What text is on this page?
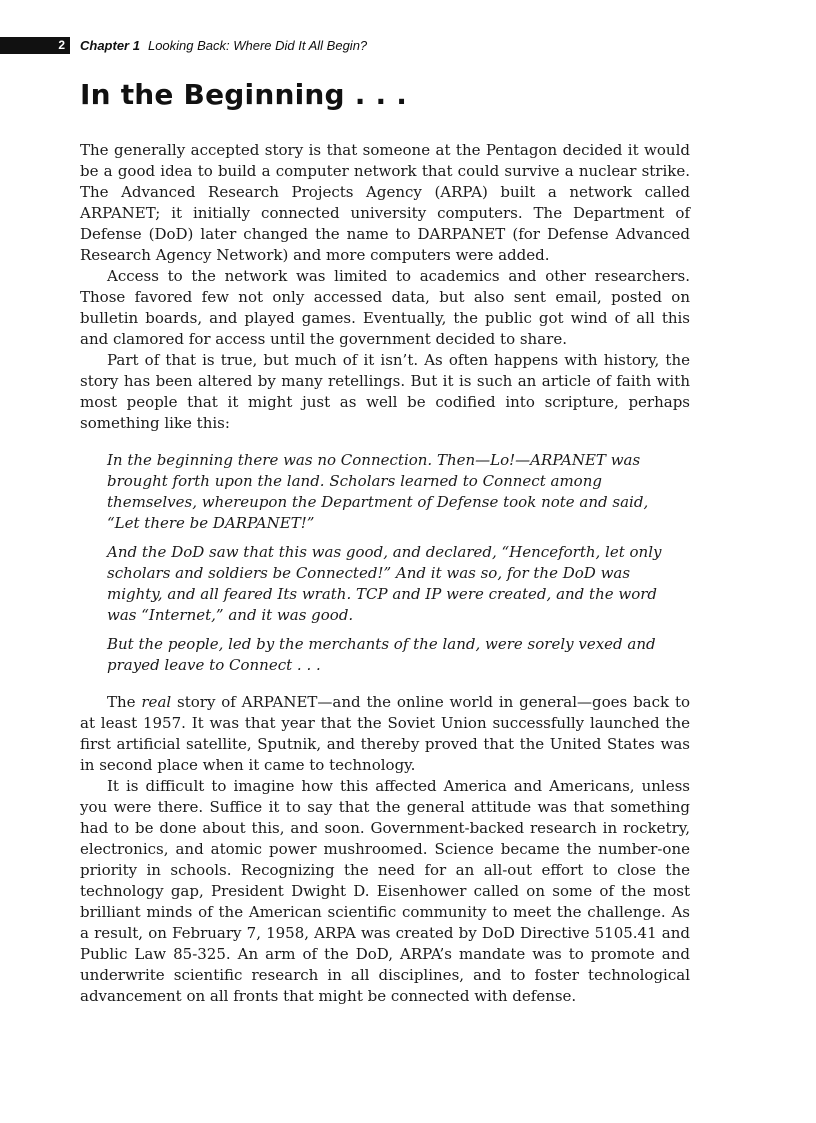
2	Chapter 1 Looking Back: Where Did It All Begin?
In the Beginning . . .

The generally accepted story is that someone at the Pentagon decided it would be a good idea to build a computer network that could survive a nuclear strike. The Advanced Research Projects Agency (ARPA) built a network called ARPANET; it initially connected university computers. The Department of Defense (DoD) later changed the name to DARPANET (for Defense Advanced Research Agency Network) and more computers were added.

Access to the network was limited to academics and other researchers. Those favored few not only accessed data, but also sent email, posted on bulletin boards, and played games. Eventually, the public got wind of all this and clamored for access until the government decided to share.

Part of that is true, but much of it isn’t. As often happens with history, the story has been altered by many retellings. But it is such an article of faith with most people that it might just as well be codified into scripture, perhaps something like this:

In the beginning there was no Connection. Then—Lo!—ARPANET was brought forth upon the land. Scholars learned to Connect among themselves, whereupon the Department of Defense took note and said, “Let there be DARPANET!”

And the DoD saw that this was good, and declared, “Henceforth, let only scholars and soldiers be Connected!” And it was so, for the DoD was mighty, and all feared Its wrath. TCP and IP were created, and the word was “Internet,” and it was good.

But the people, led by the merchants of the land, were sorely vexed and prayed leave to Connect . . .

The real story of ARPANET—and the online world in general—goes back to at least 1957. It was that year that the Soviet Union successfully launched the first artificial satellite, Sputnik, and thereby proved that the United States was in second place when it came to technology.

It is difficult to imagine how this affected America and Americans, unless you were there. Suffice it to say that the general attitude was that something had to be done about this, and soon. Government-backed research in rocketry, electronics, and atomic power mushroomed. Science became the number-one priority in schools. Recognizing the need for an all-out effort to close the technology gap, President Dwight D. Eisenhower called on some of the most brilliant minds of the American scientific community to meet the challenge. As a result, on February 7, 1958, ARPA was created by DoD Directive 5105.41 and Public Law 85-325. An arm of the DoD, ARPA’s mandate was to promote and underwrite scientific research in all disciplines, and to foster technological advancement on all fronts that might be connected with defense.
